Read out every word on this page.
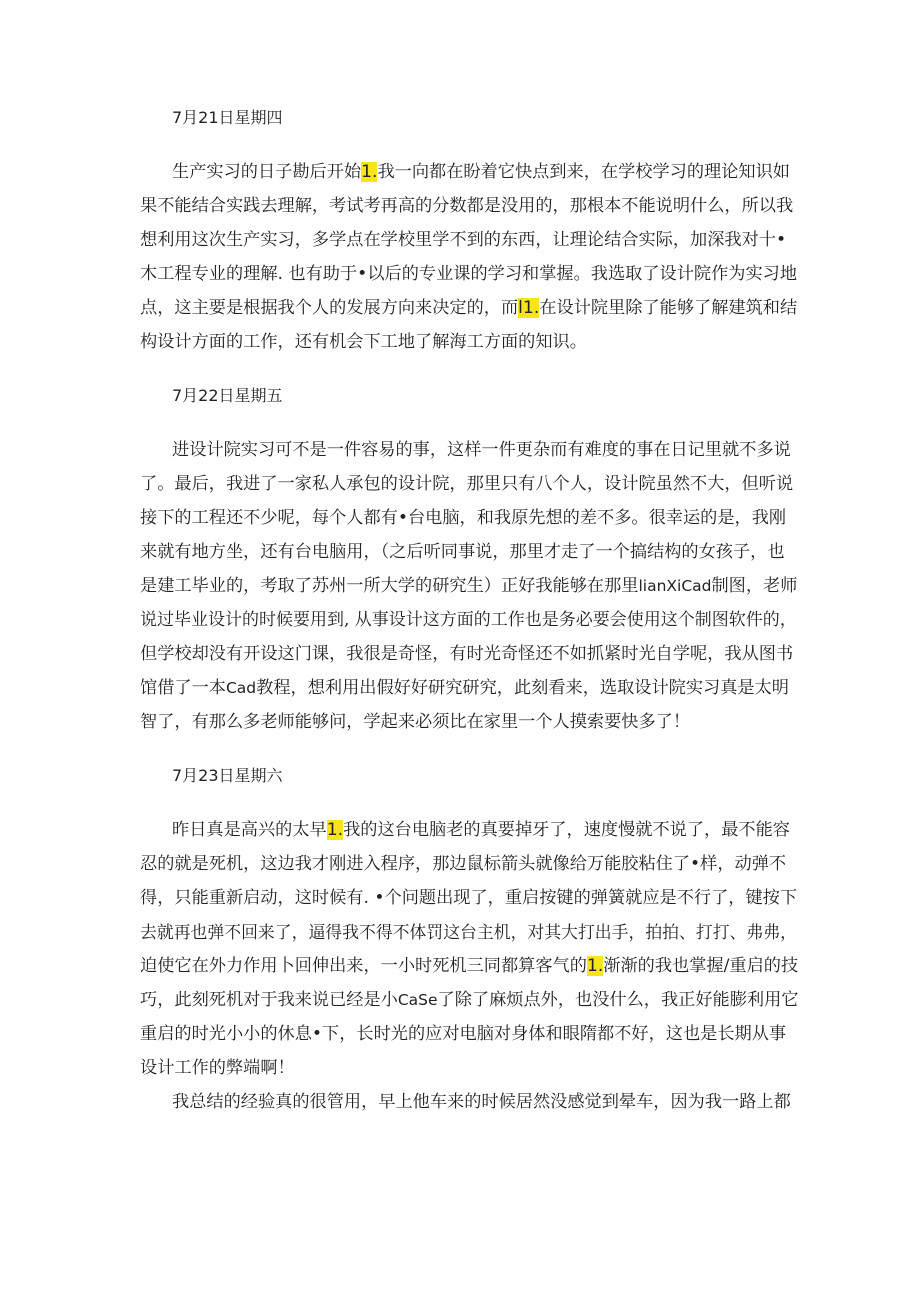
7月21日星期四
生产实习的日子勘后开始1.我一向都在盼着它快点到来，在学校学习的理论知识如
果不能结合实践去理解，考试考再高的分数都是没用的，那根本不能说明什么，所以我
想利用这次生产实习，多学点在学校里学不到的东西，让理论结合实际，加深我对十•
木工程专业的理解. 也有助于•以后的专业课的学习和掌握。我选取了设计院作为实习地
点，这主要是根据我个人的发展方向来决定的，而l1.在设计院里除了能够了解建筑和结
构设计方面的工作，还有机会下工地了解海工方面的知识。
7月22日星期五
进设计院实习可不是一件容易的事，这样一件更杂而有难度的事在日记里就不多说
了。最后，我进了一家私人承包的设计院，那里只有八个人，设计院虽然不大，但听说
接下的工程还不少呢，每个人都有•台电脑，和我原先想的差不多。很幸运的是，我刚
来就有地方坐，还有台电脑用，（之后听同事说，那里才走了一个搞结构的女孩子，也
是建工毕业的，考取了苏州一所大学的研究生）正好我能够在那里lianXiCad制图，老师
说过毕业设计的时候要用到, 从事设计这方面的工作也是务必要会使用这个制图软件的，
但学校却没有开设这门课，我很是奇怪，有时光奇怪还不如抓紧时光自学呢，我从图书
馆借了一本Cad教程，想利用出假好好研究研究，此刻看来，选取设计院实习真是太明
智了，有那么多老师能够问，学起来必须比在家里一个人摸索要快多了！
7月23日星期六
昨日真是高兴的太早1.我的这台电脑老的真要掉牙了，速度慢就不说了，最不能容
忍的就是死机，这边我才刚进入程序，那边鼠标箭头就像给万能胶粘住了•样，动弹不
得，只能重新启动，这时候有. •个问题出现了，重启按键的弹簧就应是不行了，键按下
去就再也弹不回来了，逼得我不得不体罚这台主机，对其大打出手，拍拍、打打、弗弗，
迫使它在外力作用卜回伸出来，一小时死机三同都算客气的1.渐渐的我也掌握/重启的技
巧，此刻死机对于我来说已经是小CaSe了除了麻烦点外，也没什么，我正好能膨利用它
重启的时光小小的休息•下，长时光的应对电脑对身体和眼隋都不好，这也是长期从事
设计工作的弊端啊！
我总结的经验真的很管用，早上他车来的时候居然没感觉到晕车，因为我一路上都
